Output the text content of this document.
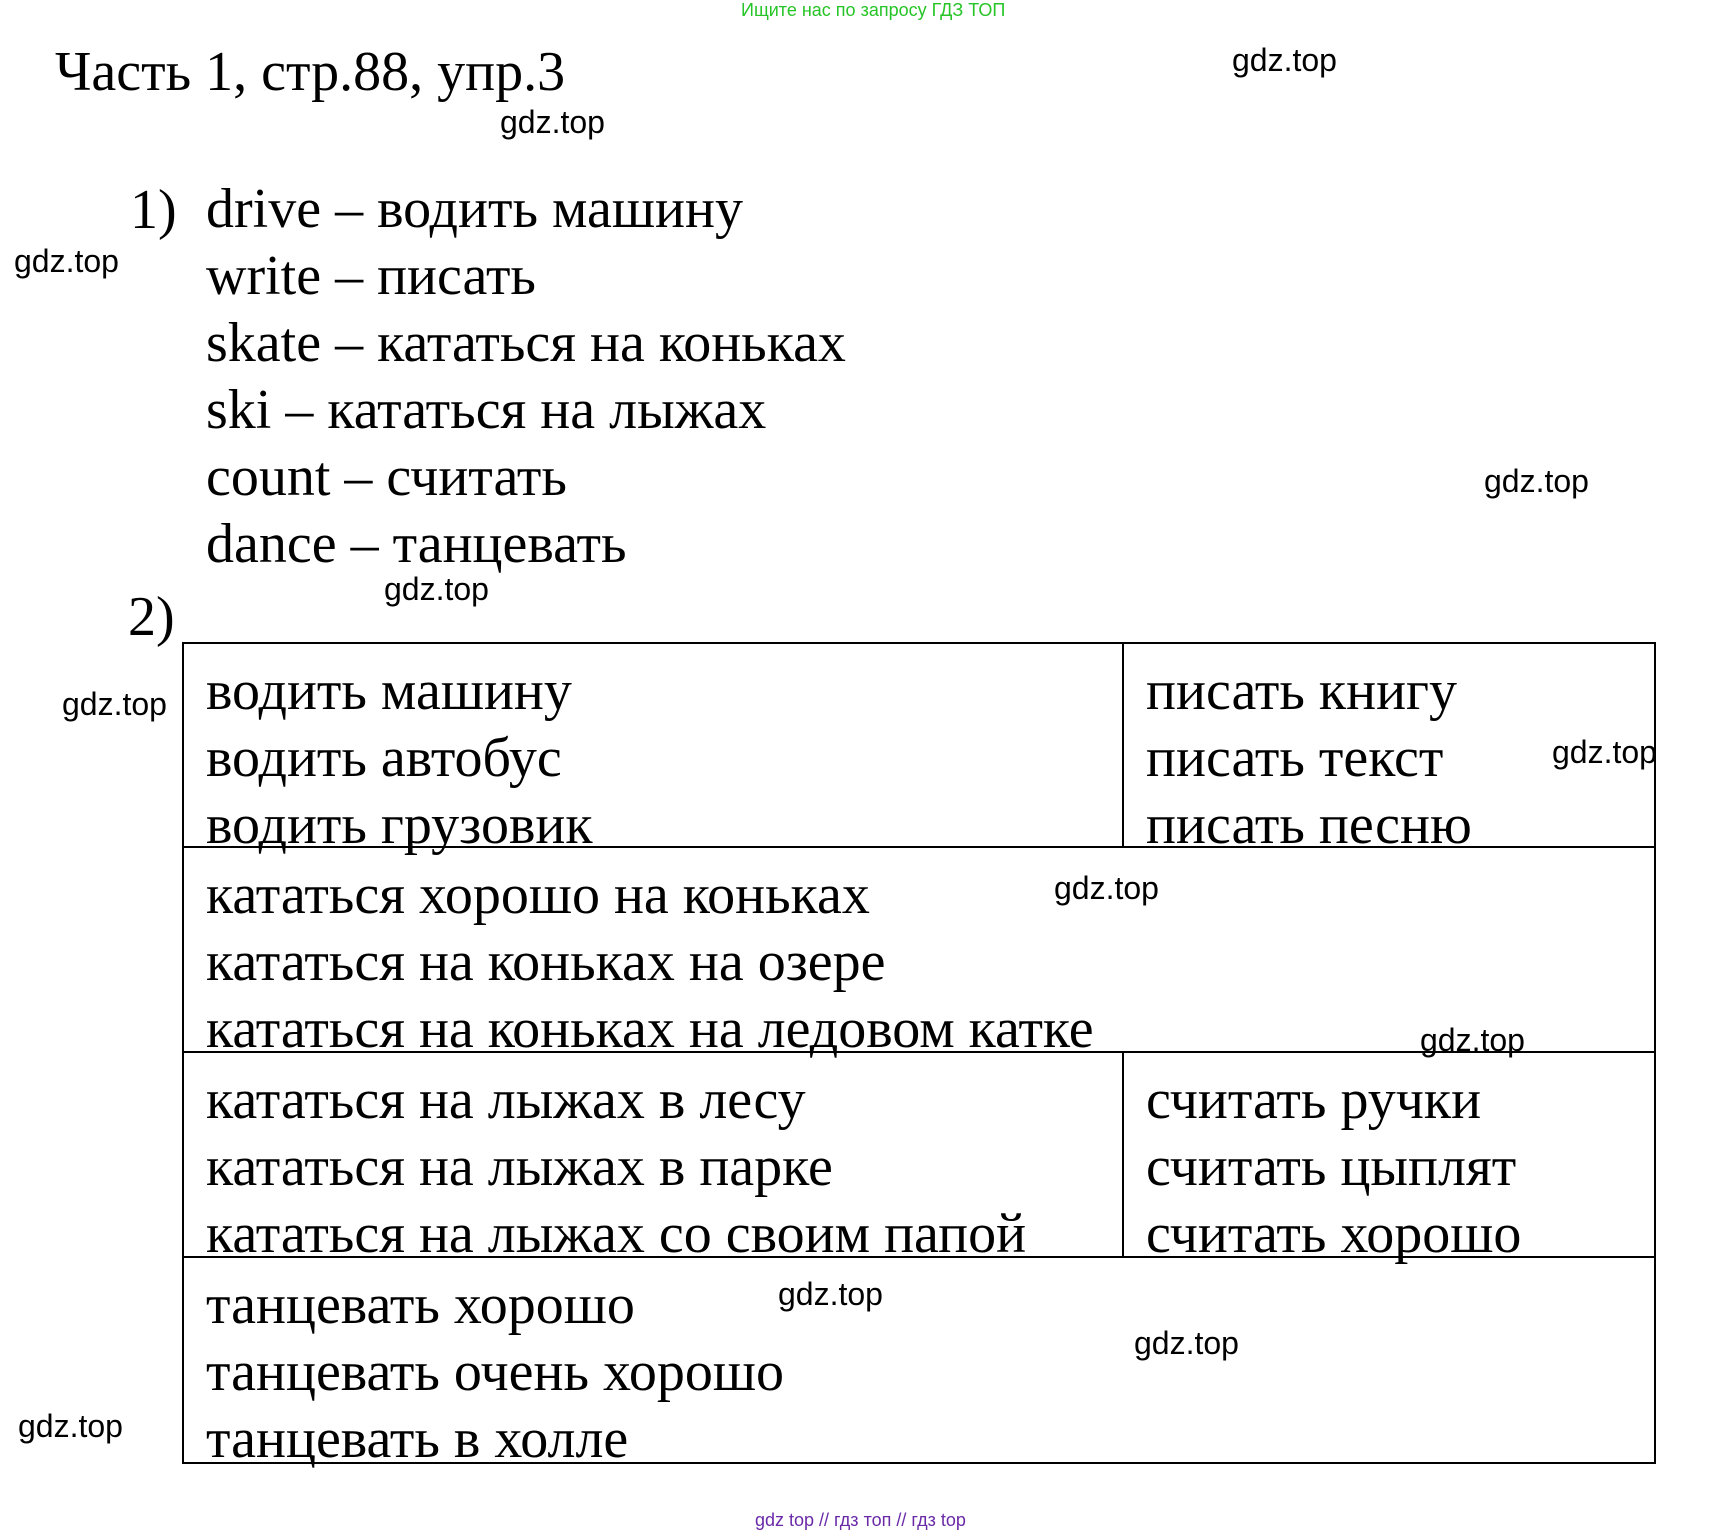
Ищите нас по запросу ГДЗ ТОП
Часть 1, стр.88, упр.3
1) drive – водить машину
write – писать
skate – кататься на коньках
ski – кататься на лыжах
count – считать
dance – танцевать
2)
водить машину
водить автобус
водить грузовик
писать книгу
писать текст
писать песню
кататься хорошо на коньках
кататься на коньках на озере
кататься на коньках на ледовом катке
кататься на лыжах в лесу
кататься на лыжах в парке
кататься на лыжах со своим папой
считать ручки
считать цыплят
считать хорошо
танцевать хорошо
танцевать очень хорошо
танцевать в холле
gdz.top
gdz.top
gdz.top
gdz.top
gdz.top
gdz.top
gdz.top
gdz.top
gdz.top
gdz.top
gdz.top
gdz.top
gdz top // гдз топ // гдз top
